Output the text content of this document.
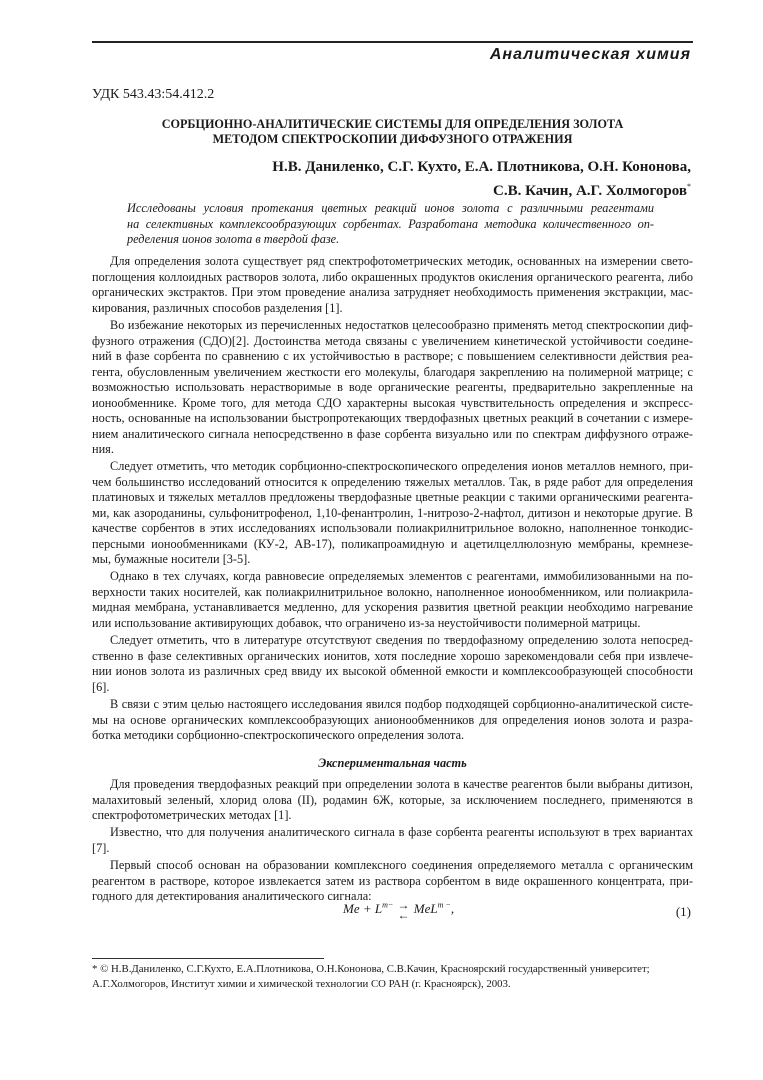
Аналитическая химия
УДК 543.43:54.412.2
СОРБЦИОННО-АНАЛИТИЧЕСКИЕ СИСТЕМЫ ДЛЯ ОПРЕДЕЛЕНИЯ ЗОЛОТА
МЕТОДОМ СПЕКТРОСКОПИИ ДИФФУЗНОГО ОТРАЖЕНИЯ
Н.В. Даниленко, С.Г. Кухто, Е.А. Плотникова, О.Н. Кононова,
С.В. Качин, А.Г. Холмогоров*
Исследованы условия протекания цветных реакций ионов золота с различными реагентами
на селективных комплексообразующих сорбентах. Разработана методика количественного оп-
ределения ионов золота в твердой фазе.
Для определения золота существует ряд спектрофотометрических методик, основанных на измерении свето-
поглощения коллоидных растворов золота, либо окрашенных продуктов окисления органического реагента, либо
органических экстрактов. При этом проведение анализа затрудняет необходимость применения экстракции, мас-
кирования, различных способов разделения [1].
Во избежание некоторых из перечисленных недостатков целесообразно применять метод спектроскопии диф-
фузного отражения (СДО)[2]. Достоинства метода связаны с увеличением кинетической устойчивости соедине-
ний в фазе сорбента по сравнению с их устойчивостью в растворе; с повышением селективности действия реа-
гента, обусловленным увеличением жесткости его молекулы, благодаря закреплению на полимерной матрице; с
возможностью использовать нерастворимые в воде органические реагенты, предварительно закрепленные на
ионообменнике. Кроме того, для метода СДО характерны высокая чувствительность определения и экспресс-
ность, основанные на использовании быстропротекающих твердофазных цветных реакций в сочетании с измере-
нием аналитического сигнала непосредственно в фазе сорбента визуально или по спектрам диффузного отраже-
ния.
Следует отметить, что методик сорбционно-спектроскопического определения ионов металлов немного, при-
чем большинство исследований относится к определению тяжелых металлов. Так, в ряде работ для определения
платиновых и тяжелых металлов предложены твердофазные цветные реакции с такими органическими реагента-
ми, как азороданины, сульфонитрофенол, 1,10-фенантролин, 1-нитрозо-2-нафтол, дитизон и некоторые другие. В
качестве сорбентов в этих исследованиях использовали полиакрилнитрильное волокно, наполненное тонкодис-
персными ионообменниками (КУ-2, АВ-17), поликапроамидную и ацетилцеллюлозную мембраны, кремнезе-
мы, бумажные носители [3-5].
Однако в тех случаях, когда равновесие определяемых элементов с реагентами, иммобилизованными на по-
верхности таких носителей, как полиакрилнитрильное волокно, наполненное ионообменником, или полиакрила-
мидная мембрана, устанавливается медленно, для ускорения развития цветной реакции необходимо нагревание
или использование активирующих добавок, что ограничено из-за неустойчивости полимерной матрицы.
Следует отметить, что в литературе отсутствуют сведения по твердофазному определению золота непосред-
ственно в фазе селективных органических ионитов, хотя последние хорошо зарекомендовали себя при извлече-
нии ионов золота из различных сред ввиду их высокой обменной емкости и комплексообразующей способности
[6].
В связи с этим целью настоящего исследования явился подбор подходящей сорбционно-аналитической систе-
мы на основе органических комплексообразующих анионообменников для определения ионов золота и разра-
ботка методики сорбционно-спектроскопического определения золота.
Экспериментальная часть
Для проведения твердофазных реакций при определении золота в качестве реагентов были выбраны дитизон,
малахитовый зеленый, хлорид олова (II), родамин 6Ж, которые, за исключением последнего, применяются в
спектрофотометрических методах [1].
Известно, что для получения аналитического сигнала в фазе сорбента реагенты используют в трех вариантах
[7].
Первый способ основан на образовании комплексного соединения определяемого металла с органическим
реагентом в растворе, которое извлекается затем из раствора сорбентом в виде окрашенного концентрата, при-
годного для детектирования аналитического сигнала:
$Me + L^{m-}$ →
← MeL$^{m -}$,	(1)
* © Н.В.Даниленко, С.Г.Кухто, Е.А.Плотникова, О.Н.Кононова, С.В.Качин, Красноярский государственный университет;
А.Г.Холмогоров, Институт химии и химической технологии СО РАН (г. Красноярск), 2003.
